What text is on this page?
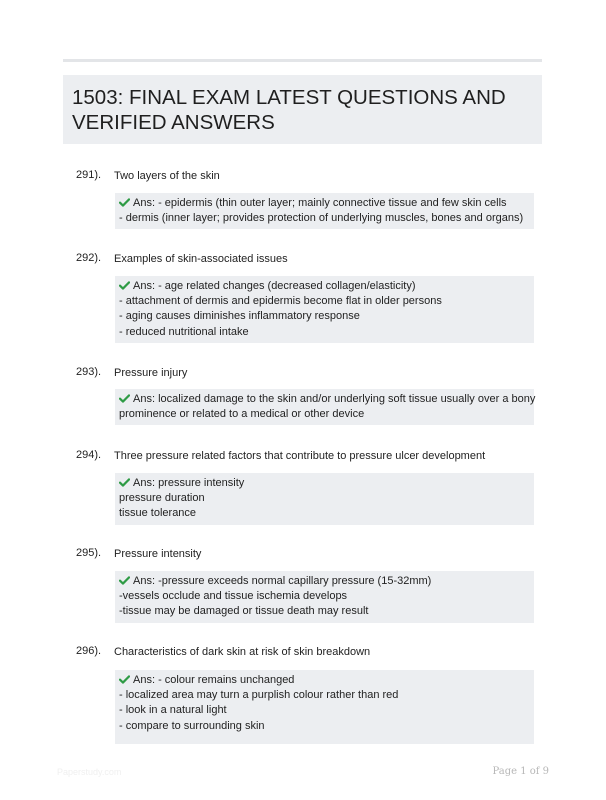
1503: FINAL EXAM LATEST QUESTIONS AND VERIFIED ANSWERS
291). Two layers of the skin
Ans: - epidermis (thin outer layer; mainly connective tissue and few skin cells
- dermis (inner layer; provides protection of underlying muscles, bones and organs)
292). Examples of skin-associated issues
Ans: - age related changes (decreased collagen/elasticity)
- attachment of dermis and epidermis become flat in older persons
- aging causes diminishes inflammatory response
- reduced nutritional intake
293). Pressure injury
Ans: localized damage to the skin and/or underlying soft tissue usually over a bony
prominence or related to a medical or other device
294). Three pressure related factors that contribute to pressure ulcer development
Ans: pressure intensity
pressure duration
tissue tolerance
295). Pressure intensity
Ans: -pressure exceeds normal capillary pressure (15-32mm)
-vessels occlude and tissue ischemia develops
-tissue may be damaged or tissue death may result
296). Characteristics of dark skin at risk of skin breakdown
Ans: - colour remains unchanged
- localized area may turn a purplish colour rather than red
- look in a natural light
- compare to surrounding skin
Paperstudy.com	Page 1 of 9
